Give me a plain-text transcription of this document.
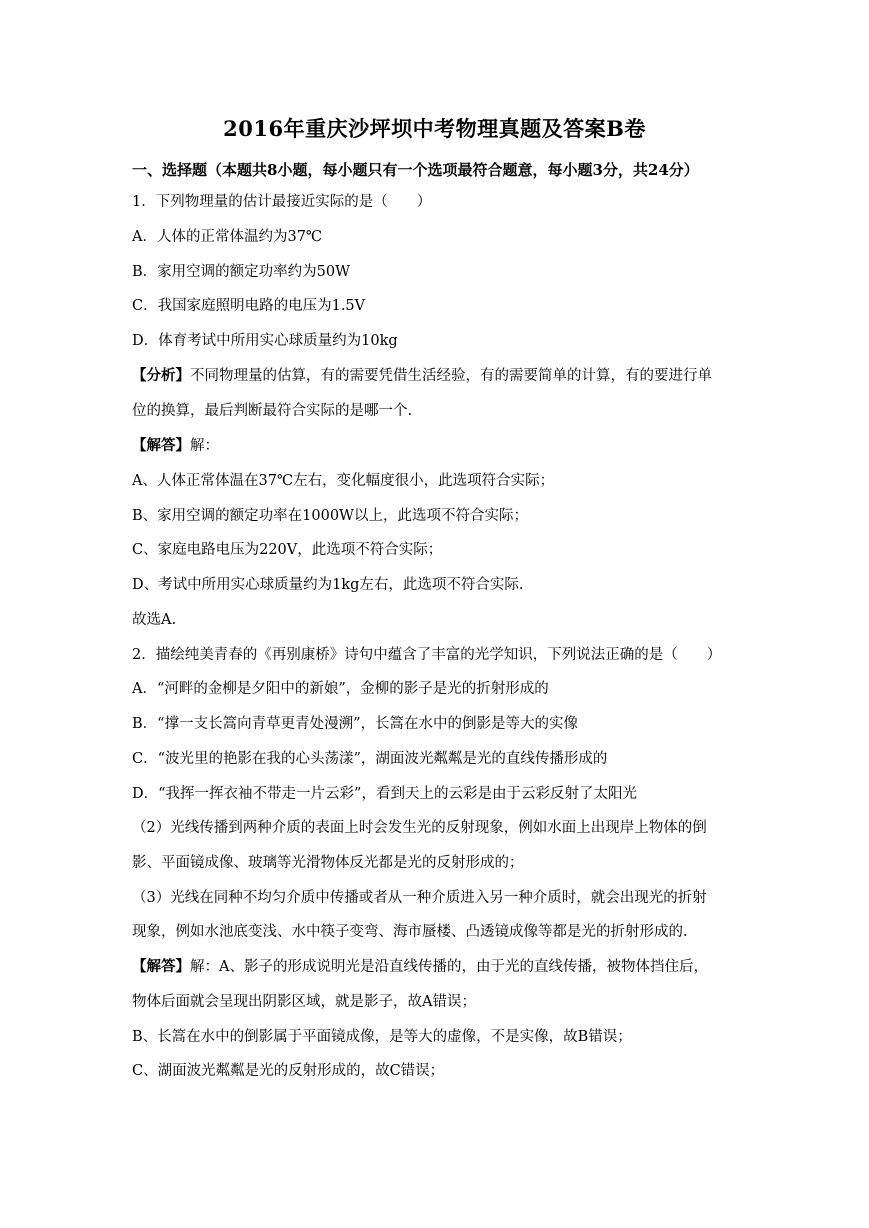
2016年重庆沙坪坝中考物理真题及答案B卷
一、选择题（本题共8小题，每小题只有一个选项最符合题意，每小题3分，共24分）
1．下列物理量的估计最接近实际的是（　　）
A．人体的正常体温约为37℃
B．家用空调的额定功率约为50W
C．我国家庭照明电路的电压为1.5V
D．体育考试中所用实心球质量约为10kg
【分析】不同物理量的估算，有的需要凭借生活经验，有的需要简单的计算，有的要进行单
位的换算，最后判断最符合实际的是哪一个.
【解答】解：
A、人体正常体温在37℃左右，变化幅度很小，此选项符合实际；
B、家用空调的额定功率在1000W以上，此选项不符合实际；
C、家庭电路电压为220V，此选项不符合实际；
D、考试中所用实心球质量约为1kg左右，此选项不符合实际.
故选A.
2．描绘纯美青春的《再别康桥》诗句中蕴含了丰富的光学知识，下列说法正确的是（　　）
A．“河畔的金柳是夕阳中的新娘”，金柳的影子是光的折射形成的
B．“撑一支长篙向青草更青处漫溯”，长篙在水中的倒影是等大的实像
C．“波光里的艳影在我的心头荡漾”，湖面波光粼粼是光的直线传播形成的
D．“我挥一挥衣袖不带走一片云彩”，看到天上的云彩是由于云彩反射了太阳光
（2）光线传播到两种介质的表面上时会发生光的反射现象，例如水面上出现岸上物体的倒
影、平面镜成像、玻璃等光滑物体反光都是光的反射形成的；
（3）光线在同种不均匀介质中传播或者从一种介质进入另一种介质时，就会出现光的折射
现象，例如水池底变浅、水中筷子变弯、海市蜃楼、凸透镜成像等都是光的折射形成的.
【解答】解：A、影子的形成说明光是沿直线传播的，由于光的直线传播，被物体挡住后，
物体后面就会呈现出阴影区域，就是影子，故A错误；
B、长篙在水中的倒影属于平面镜成像，是等大的虚像，不是实像，故B错误；
C、湖面波光粼粼是光的反射形成的，故C错误；
